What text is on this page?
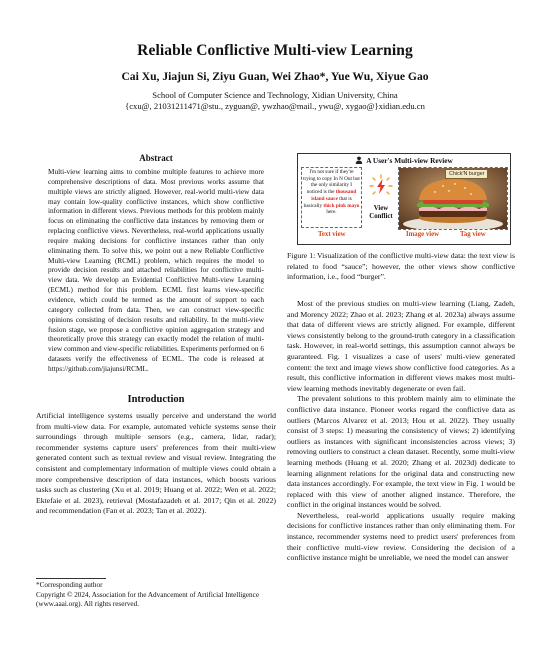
Reliable Conflictive Multi-view Learning
Cai Xu, Jiajun Si, Ziyu Guan, Wei Zhao*, Yue Wu, Xiyue Gao
School of Computer Science and Technology, Xidian University, China
{cxu@, 21031211471@stu., zyguan@, ywzhao@mail., ywu@, xygao@}xidian.edu.cn
Abstract
Multi-view learning aims to combine multiple features to achieve more comprehensive descriptions of data. Most previous works assume that multiple views are strictly aligned. However, real-world multi-view data may contain low-quality conflictive instances, which show conflictive information in different views. Previous methods for this problem mainly focus on eliminating the conflictive data instances by removing them or replacing conflictive views. Nevertheless, real-world applications usually require making decisions for conflictive instances rather than only eliminating them. To solve this, we point out a new Reliable Conflictive Multi-view Learning (RCML) problem, which requires the model to provide decision results and attached reliabilities for conflictive multi-view data. We develop an Evidential Conflictive Multi-view Learning (ECML) method for this problem. ECML first learns view-specific evidence, which could be termed as the amount of support to each category collected from data. Then, we can construct view-specific opinions consisting of decision results and reliability. In the multi-view fusion stage, we propose a conflictive opinion aggregation strategy and theoretically prove this strategy can exactly model the relation of multi-view common and view-specific reliabilities. Experiments performed on 6 datasets verify the effectiveness of ECML. The code is released at https://github.com/jiajunsi/RCML.
Introduction
Artificial intelligence systems usually perceive and understand the world from multi-view data. For example, automated vehicle systems sense their surroundings through multiple sensors (e.g., camera, lidar, radar); recommender systems capture users' preferences from their multi-view generated content such as textual review and visual review. Integrating the consistent and complementary information of multiple views could obtain a more comprehensive description of data instances, which boosts various tasks such as clustering (Xu et al. 2019; Huang et al. 2022; Wen et al. 2022; Ektefaie et al. 2023), retrieval (Mostafazadeh et al. 2017; Qin et al. 2022) and recommendation (Fan et al. 2023; Tan et al. 2022).
*Corresponding author
Copyright © 2024, Association for the Advancement of Artificial Intelligence (www.aaai.org). All rights reserved.
A User's Multi-view Review
I'm not sure if they're trying to copy In N Out but the only similarity I noticed is the thousand island sauce that is basically thick pink mayo here.
View
Conflict
Chick'N burger
Text view	Image view	Tag view
Figure 1: Visualization of the conflictive multi-view data: the text view is related to food “sauce”; however, the other views show conflictive information, i.e., food “burger”.

Most of the previous studies on multi-view learning (Liang, Zadeh, and Morency 2022; Zhao et al. 2023; Zhang et al. 2023a) always assume that data of different views are strictly aligned. For example, different views consistently belong to the ground-truth category in a classification task. However, in real-world settings, this assumption cannot always be guaranteed. Fig. 1 visualizes a case of users' multi-view generated content: the text and image views show conflictive food categories. As a result, this conflictive information in different views makes most multi-view learning methods inevitably degenerate or even fail.

The prevalent solutions to this problem mainly aim to eliminate the conflictive data instance. Pioneer works regard the conflictive data as outliers (Marcos Alvarez et al. 2013; Hou et al. 2022). They usually consist of 3 steps: 1) measuring the consistency of views; 2) identifying outliers as instances with significant inconsistencies across views; 3) removing outliers to construct a clean dataset. Recently, some multi-view learning methods (Huang et al. 2020; Zhang et al. 2023d) dedicate to learning alignment relations for the original data and constructing new data instances accordingly. For example, the text view in Fig. 1 would be replaced with this view of another aligned instance. Therefore, the conflict in the original instances would be solved.

Nevertheless, real-world applications usually require making decisions for conflictive instances rather than only eliminating them. For instance, recommender systems need to predict users' preferences from their conflictive multi-view review. Considering the decision of a conflictive instance might be unreliable, we need the model can answer
